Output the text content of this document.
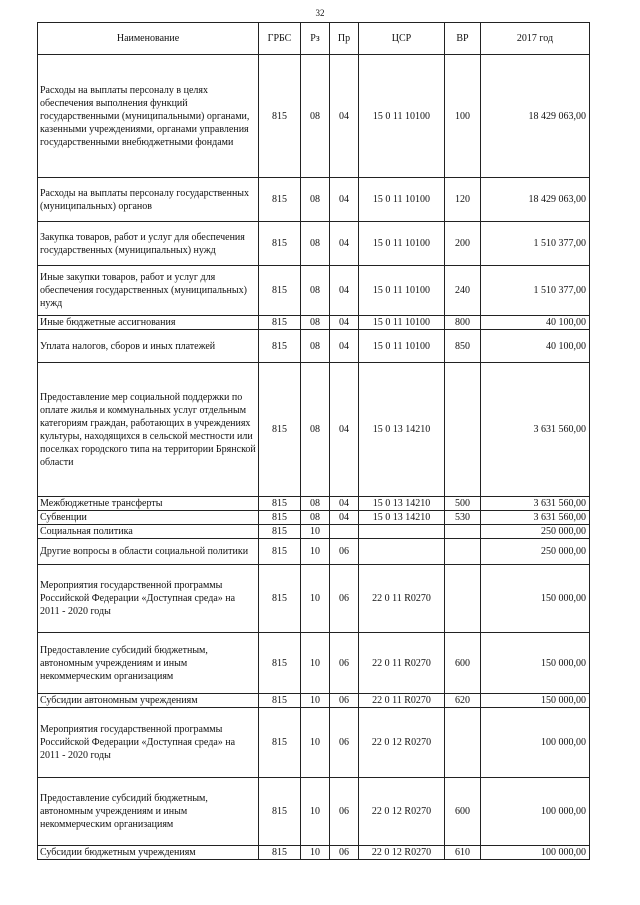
32
Наименование	ГРБС	Рз	Пр	ЦСР	ВР	2017 год
Расходы на выплаты персоналу в целях обеспечения выполнения функций государственными (муниципальными) органами, казенными учреждениями, органами управления государственными внебюджетными фондами	815	08	04	15 0 11 10100	100	18 429 063,00
Расходы на выплаты персоналу государственных (муниципальных) органов	815	08	04	15 0 11 10100	120	18 429 063,00
Закупка товаров, работ и услуг для обеспечения государственных (муниципальных) нужд	815	08	04	15 0 11 10100	200	1 510 377,00
Иные закупки товаров, работ и услуг для обеспечения государственных (муниципальных) нужд	815	08	04	15 0 11 10100	240	1 510 377,00
Иные бюджетные ассигнования	815	08	04	15 0 11 10100	800	40 100,00
Уплата налогов, сборов и иных платежей	815	08	04	15 0 11 10100	850	40 100,00
Предоставление мер социальной поддержки по оплате жилья и коммунальных услуг отдельным категориям граждан, работающих в учреждениях культуры, находящихся в сельской местности или поселках городского типа на территории Брянской области	815	08	04	15 0 13 14210		3 631 560,00
Межбюджетные трансферты	815	08	04	15 0 13 14210	500	3 631 560,00
Субвенции	815	08	04	15 0 13 14210	530	3 631 560,00
Социальная политика	815	10				250 000,00
Другие вопросы в области социальной политики	815	10	06			250 000,00
Мероприятия государственной программы Российской Федерации «Доступная среда» на 2011 - 2020 годы	815	10	06	22 0 11 R0270		150 000,00
Предоставление субсидий бюджетным, автономным учреждениям и иным некоммерческим организациям	815	10	06	22 0 11 R0270	600	150 000,00
Субсидии автономным учреждениям	815	10	06	22 0 11 R0270	620	150 000,00
Мероприятия государственной программы Российской Федерации «Доступная среда» на 2011 - 2020 годы	815	10	06	22 0 12 R0270		100 000,00
Предоставление субсидий бюджетным, автономным учреждениям и иным некоммерческим организациям	815	10	06	22 0 12 R0270	600	100 000,00
Субсидии бюджетным учреждениям	815	10	06	22 0 12 R0270	610	100 000,00
